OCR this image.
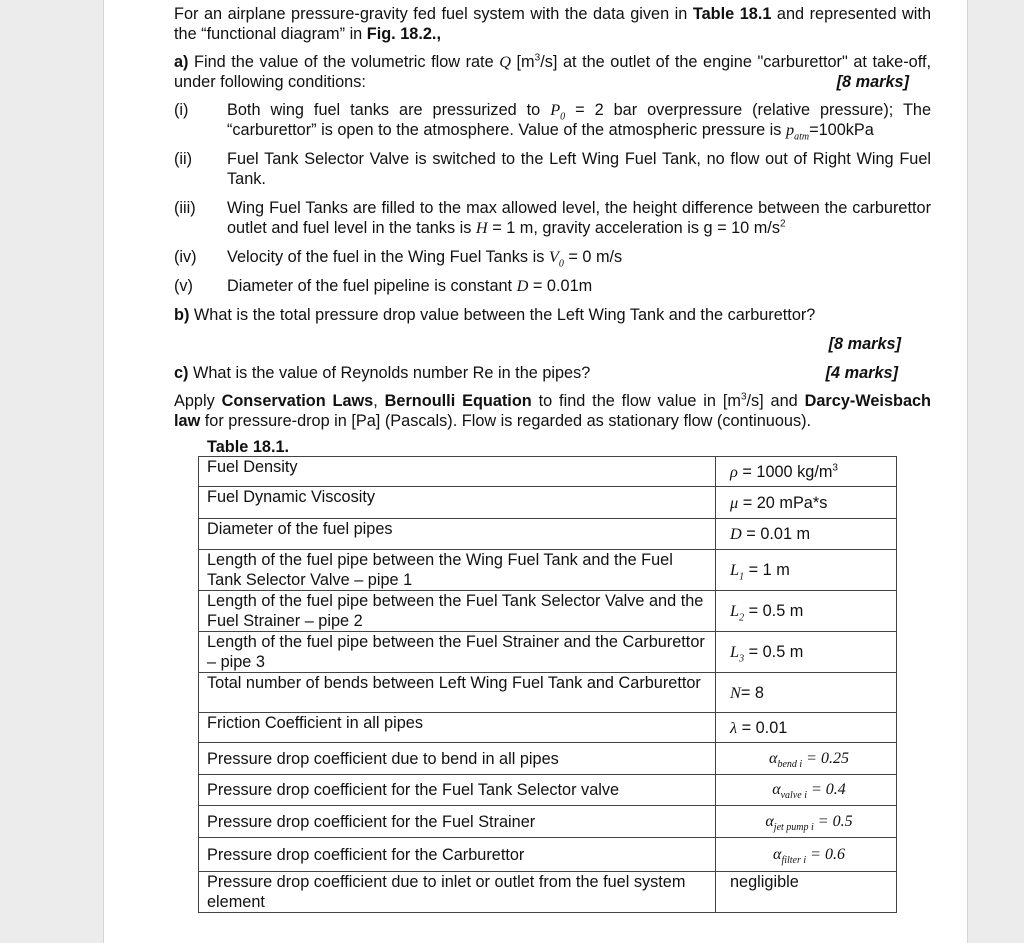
For an airplane pressure-gravity fed fuel system with the data given in Table 18.1 and represented with the “functional diagram” in Fig. 18.2.,
a) Find the value of the volumetric flow rate Q $[m^3/s]$ at the outlet of the engine "carburettor" at take-off, under following conditions:	[8 marks]
(i) Both wing fuel tanks are pressurized to $P_0 = 2$ bar overpressure (relative pressure); The “carburettor” is open to the atmosphere. Value of the atmospheric pressure is $p_{atm}=100kPa$
(ii) Fuel Tank Selector Valve is switched to the Left Wing Fuel Tank, no flow out of Right Wing Fuel Tank.
(iii) Wing Fuel Tanks are filled to the max allowed level, the height difference between the carburettor outlet and fuel level in the tanks is H = 1 m, gravity acceleration is g = 10 $m/s^2$
(iv) Velocity of the fuel in the Wing Fuel Tanks is $V_0 = 0$ m/s
(v) Diameter of the fuel pipeline is constant D = 0.01m
b) What is the total pressure drop value between the Left Wing Tank and the carburettor?
[8 marks]
c) What is the value of Reynolds number Re in the pipes?	[4 marks]
Apply Conservation Laws, Bernoulli Equation to find the flow value in $[m^3/s]$ and Darcy-Weisbach law for pressure-drop in [Pa] (Pascals). Flow is regarded as stationary flow (continuous).
Table 18.1.
Fuel Density	ρ = 1000 $kg/m^3$
Fuel Dynamic Viscosity	μ = 20 mPa*s
Diameter of the fuel pipes	D = 0.01 m
Length of the fuel pipe between the Wing Fuel Tank and the Fuel Tank Selector Valve – pipe 1	$L_1 = 1$ m
Length of the fuel pipe between the Fuel Tank Selector Valve and the Fuel Strainer – pipe 2	$L_2 = 0.5$ m
Length of the fuel pipe between the Fuel Strainer and the Carburettor – pipe 3	$L_3 = 0.5$ m
Total number of bends between Left Wing Fuel Tank and Carburettor	N= 8
Friction Coefficient in all pipes	λ = 0.01
Pressure drop coefficient due to bend in all pipes	$\alpha_{bend i} = 0.25$
Pressure drop coefficient for the Fuel Tank Selector valve	$\alpha_{valve i} = 0.4$
Pressure drop coefficient for the Fuel Strainer	$\alpha_{jet pump i} = 0.5$
Pressure drop coefficient for the Carburettor	$\alpha_{filter i} = 0.6$
Pressure drop coefficient due to inlet or outlet from the fuel system element	negligible
